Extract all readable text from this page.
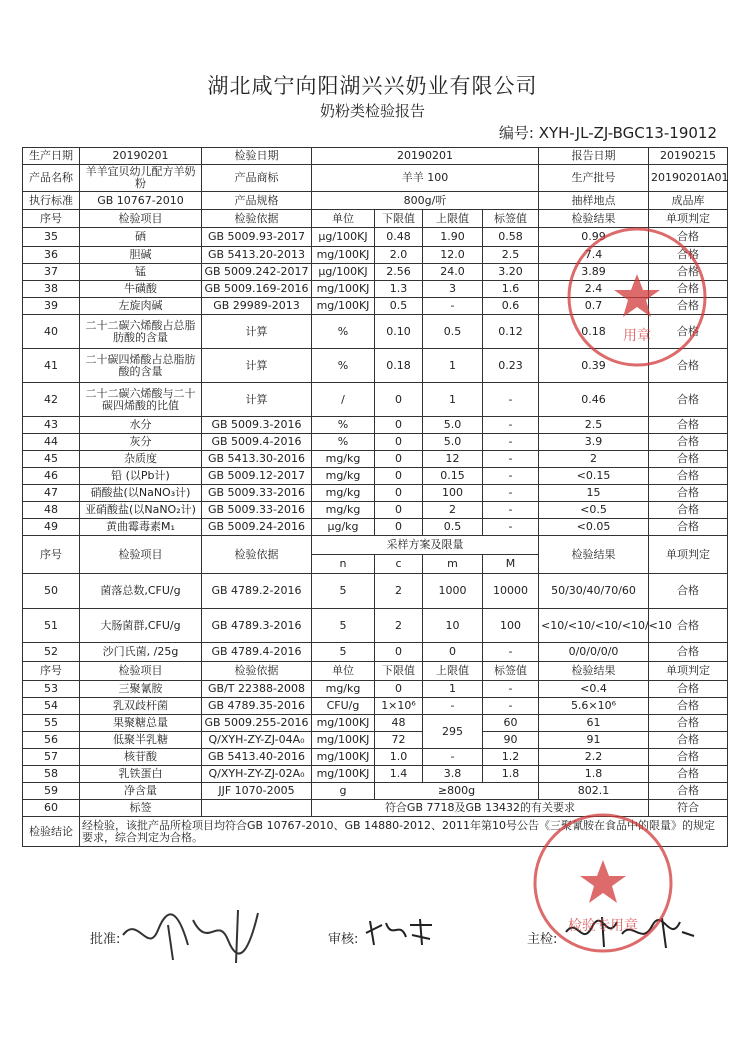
湖北咸宁向阳湖兴兴奶业有限公司
奶粉类检验报告
编号: XYH-JL-ZJ-BGC13-19012
生产日期	20190201	检验日期	20190201				报告日期	20190215
产品名称	羊羊宜贝幼儿配方羊奶粉	产品商标	羊羊 100				生产批号	20190201A01
执行标准	GB 10767-2010	产品规格	800g/听				抽样地点	成品库
序号	检验项目	检验依据	单位	下限值	上限值	标签值	检验结果	单项判定
35	硒	GB 5009.93-2017	μg/100KJ	0.48	1.90	0.58	0.99	合格
36	胆碱	GB 5413.20-2013	mg/100KJ	2.0	12.0	2.5	7.4	合格
37	锰	GB 5009.242-2017	μg/100KJ	2.56	24.0	3.20	3.89	合格
38	牛磺酸	GB 5009.169-2016	mg/100KJ	1.3	3	1.6	2.4	合格
39	左旋肉碱	GB 29989-2013	mg/100KJ	0.5	-	0.6	0.7	合格
40	二十二碳六烯酸占总脂肪酸的含量	计算	%	0.10	0.5	0.12	0.18	合格
41	二十碳四烯酸占总脂肪酸的含量	计算	%	0.18	1	0.23	0.39	合格
42	二十二碳六烯酸与二十碳四烯酸的比值	计算	/	0	1	-	0.46	合格
43	水分	GB 5009.3-2016	%	0	5.0	-	2.5	合格
44	灰分	GB 5009.4-2016	%	0	5.0	-	3.9	合格
45	杂质度	GB 5413.30-2016	mg/kg	0	12	-	2	合格
46	铅 (以Pb计)	GB 5009.12-2017	mg/kg	0	0.15	-	<0.15	合格
47	硝酸盐(以NaNO₃计)	GB 5009.33-2016	mg/kg	0	100	-	15	合格
48	亚硝酸盐(以NaNO₂计)	GB 5009.33-2016	mg/kg	0	2	-	<0.5	合格
49	黄曲霉毒素M₁	GB 5009.24-2016	μg/kg	0	0.5	-	<0.05	合格
序号	检验项目	检验依据	采样方案及限量				检验结果	单项判定
			n	c	m	M		
50	菌落总数,CFU/g	GB 4789.2-2016	5	2	1000	10000	50/30/40/70/60	合格
51	大肠菌群,CFU/g	GB 4789.3-2016	5	2	10	100	<10/<10/<10/<10/<10	合格
52	沙门氏菌, /25g	GB 4789.4-2016	5	0	0	-	0/0/0/0/0	合格
序号	检验项目	检验依据	单位	下限值	上限值	标签值	检验结果	单项判定
53	三聚氰胺	GB/T 22388-2008	mg/kg	0	1	-	<0.4	合格
54	乳双歧杆菌	GB 4789.35-2016	CFU/g	1×10⁶	-	-	5.6×10⁶	合格
55	果聚糖总量	GB 5009.255-2016	mg/100KJ	48	295	60	61	合格
56	低聚半乳糖	Q/XYH-ZY-ZJ-04A₀	mg/100KJ	72		90	91	合格
57	核苷酸	GB 5413.40-2016	mg/100KJ	1.0	-	1.2	2.2	合格
58	乳铁蛋白	Q/XYH-ZY-ZJ-02A₀	mg/100KJ	1.4	3.8	1.8	1.8	合格
59	净含量	JJF 1070-2005	g	≥800g			802.1	合格
60	标签		符合GB 7718及GB 13432的有关要求					符合
检验结论	经检验，该批产品所检项目均符合GB 10767-2010、GB 14880-2012、2011年第10号公告《三聚氰胺在食品中的限量》的规定要求，综合判定为合格。							
批准:	审核:	主检:
用章
检验专用章
